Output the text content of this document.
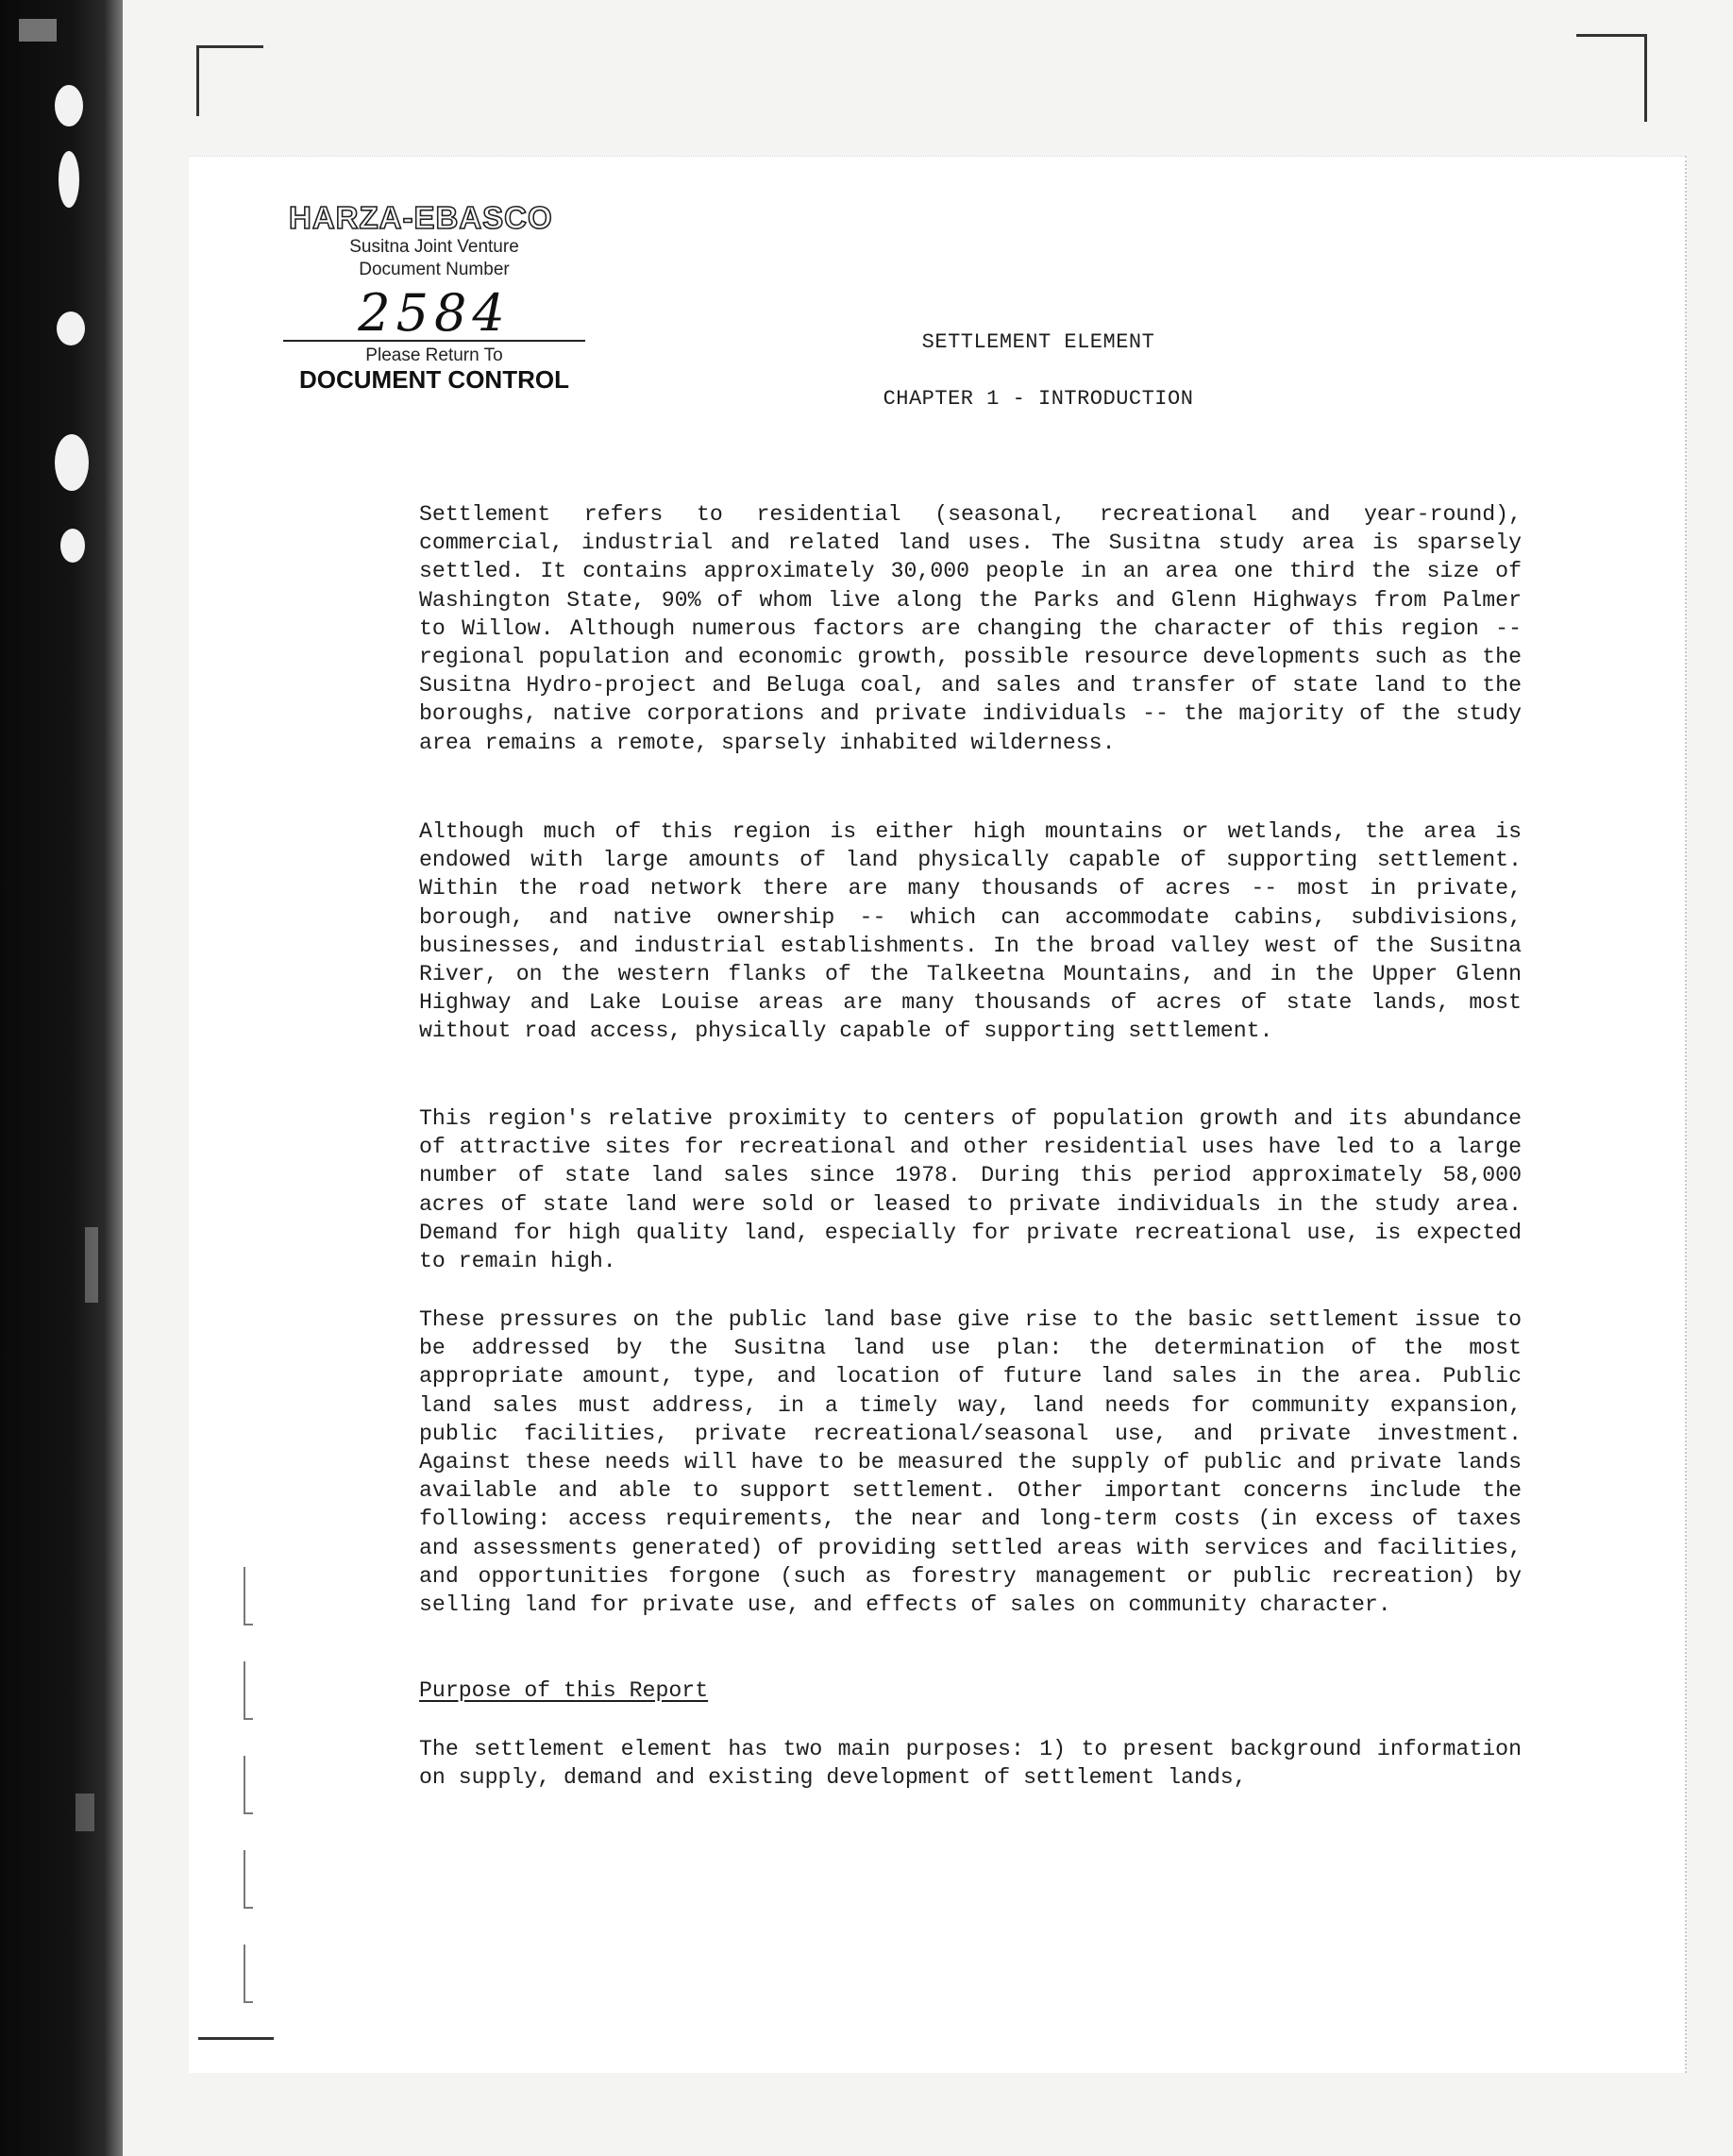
HARZA-EBASCO
Susitna Joint Venture
Document Number
2584
Please Return To
DOCUMENT CONTROL
SETTLEMENT ELEMENT
CHAPTER 1 - INTRODUCTION
Settlement refers to residential (seasonal, recreational and year-round), commercial, industrial and related land uses. The Susitna study area is sparsely settled. It contains approximately 30,000 people in an area one third the size of Washington State, 90% of whom live along the Parks and Glenn Highways from Palmer to Willow. Although numerous factors are changing the character of this region -- regional population and economic growth, possible resource developments such as the Susitna Hydro-project and Beluga coal, and sales and transfer of state land to the boroughs, native corporations and private individuals -- the majority of the study area remains a remote, sparsely inhabited wilderness.
Although much of this region is either high mountains or wetlands, the area is endowed with large amounts of land physically capable of supporting settlement. Within the road network there are many thousands of acres -- most in private, borough, and native ownership -- which can accommodate cabins, subdivisions, businesses, and industrial establishments. In the broad valley west of the Susitna River, on the western flanks of the Talkeetna Mountains, and in the Upper Glenn Highway and Lake Louise areas are many thousands of acres of state lands, most without road access, physically capable of supporting settlement.
This region's relative proximity to centers of population growth and its abundance of attractive sites for recreational and other residential uses have led to a large number of state land sales since 1978. During this period approximately 58,000 acres of state land were sold or leased to private individuals in the study area. Demand for high quality land, especially for private recreational use, is expected to remain high.
These pressures on the public land base give rise to the basic settlement issue to be addressed by the Susitna land use plan: the determination of the most appropriate amount, type, and location of future land sales in the area. Public land sales must address, in a timely way, land needs for community expansion, public facilities, private recreational/seasonal use, and private investment. Against these needs will have to be measured the supply of public and private lands available and able to support settlement. Other important concerns include the following: access requirements, the near and long-term costs (in excess of taxes and assessments generated) of providing settled areas with services and facilities, and opportunities forgone (such as forestry management or public recreation) by selling land for private use, and effects of sales on community character.
Purpose of this Report
The settlement element has two main purposes: 1) to present background information on supply, demand and existing development of settlement lands,
